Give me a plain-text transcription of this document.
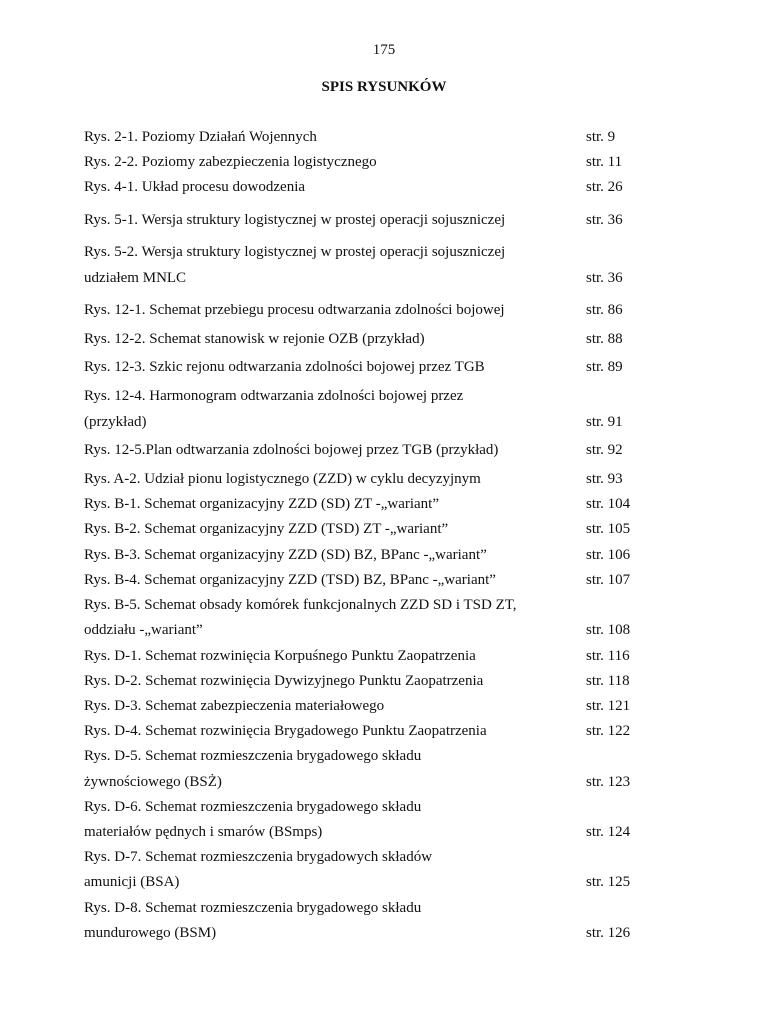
175
SPIS RYSUNKÓW
Rys. 2-1. Poziomy Działań Wojennych	str. 9
Rys. 2-2. Poziomy zabezpieczenia logistycznego	str. 11
Rys. 4-1. Układ procesu dowodzenia	str. 26
Rys. 5-1. Wersja struktury logistycznej w prostej operacji sojuszniczej	str. 36
Rys. 5-2. Wersja struktury logistycznej w prostej operacji sojuszniczej
udziałem MNLC	str. 36
Rys. 12-1. Schemat przebiegu procesu odtwarzania zdolności bojowej	str. 86
Rys. 12-2. Schemat stanowisk w rejonie OZB (przykład)	str. 88
Rys. 12-3. Szkic rejonu odtwarzania zdolności bojowej przez TGB	str. 89
Rys. 12-4. Harmonogram odtwarzania zdolności bojowej przez
(przykład)	str. 91
Rys. 12-5.Plan odtwarzania zdolności bojowej przez TGB (przykład)	str. 92
Rys. A-2. Udział pionu logistycznego (ZZD) w cyklu decyzyjnym	str. 93
Rys. B-1. Schemat organizacyjny ZZD (SD) ZT -„wariant”	str. 104
Rys. B-2. Schemat organizacyjny ZZD (TSD) ZT -„wariant”	str. 105
Rys. B-3. Schemat organizacyjny ZZD (SD) BZ, BPanc -„wariant”	str. 106
Rys. B-4. Schemat organizacyjny ZZD (TSD) BZ, BPanc -„wariant”	str. 107
Rys. B-5. Schemat obsady komórek funkcjonalnych ZZD SD i TSD ZT,
oddziału -„wariant”	str. 108
Rys. D-1. Schemat rozwinięcia Korpuśnego Punktu Zaopatrzenia	str. 116
Rys. D-2. Schemat rozwinięcia Dywizyjnego Punktu Zaopatrzenia	str. 118
Rys. D-3. Schemat zabezpieczenia materiałowego	str. 121
Rys. D-4. Schemat rozwinięcia Brygadowego Punktu Zaopatrzenia	str. 122
Rys. D-5. Schemat rozmieszczenia brygadowego składu
żywnościowego (BSŻ)	str. 123
Rys. D-6. Schemat rozmieszczenia brygadowego składu
materiałów pędnych i smarów (BSmps)	str. 124
Rys. D-7. Schemat rozmieszczenia brygadowych składów
amunicji (BSA)	str. 125
Rys. D-8. Schemat rozmieszczenia brygadowego składu
mundurowego (BSM)	str. 126
